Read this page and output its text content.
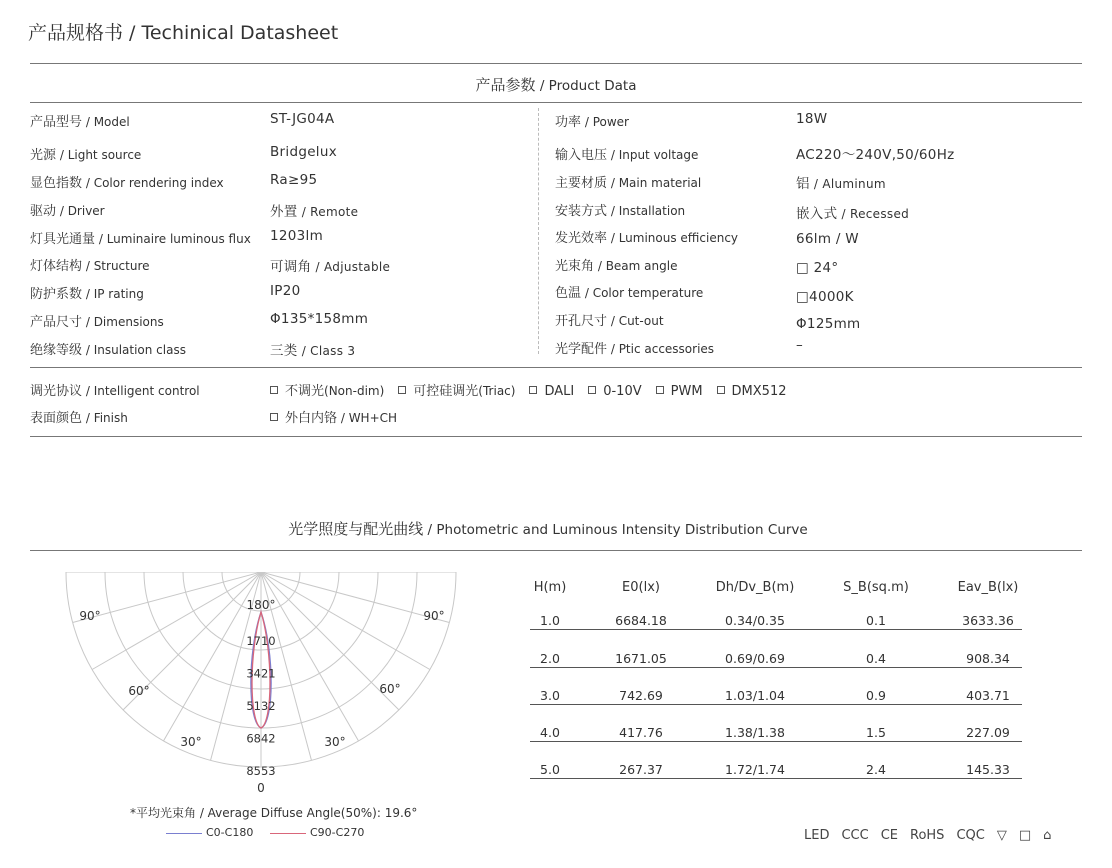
产品规格书 / Techinical Datasheet
产品参数 / Product Data
产品型号 / Model	ST-JG04A
光源 / Light source	Bridgelux
显色指数 / Color rendering index	Ra≥95
驱动 / Driver	外置 / Remote
灯具光通量 / Luminaire luminous flux 1203lm
灯体结构 / Structure	可调角 / Adjustable
防护系数 / IP rating	IP20
产品尺寸 / Dimensions	Φ135*158mm
绝缘等级 / Insulation class	三类 / Class 3
功率 / Power	18W
输入电压 / Input voltage	AC220～240V,50/60Hz
主要材质 / Main material	铝 / Aluminum
安装方式 / Installation	嵌入式 / Recessed
发光效率 / Luminous efficiency	66lm / W
光束角 / Beam angle	□ 24°
色温 / Color temperature	□4000K
开孔尺寸 / Cut-out	Φ125mm
光学配件 / Ptic accessories	–
调光协议 / Intelligent control	不调光(Non-dim) 可控硅调光(Triac) DALI 0-10V PWM DMX512
表面颜色 / Finish	外白内铬 / WH+CH
光学照度与配光曲线 / Photometric and Luminous Intensity Distribution Curve
180°
90°	90°
60°	60°
30°	30°
0
1710
3421
5132
6842
8553
*平均光束角 / Average Diffuse Angle(50%): 19.6°
C0-C180	C90-C270
H(m)	E0(lx)	Dh/Dv_B(m)	S_B(sq.m)	Eav_B(lx)
1.0	6684.18	0.34/0.35	0.1	3633.36
2.0	1671.05	0.69/0.69	0.4	908.34
3.0	742.69	1.03/1.04	0.9	403.71
4.0	417.76	1.38/1.38	1.5	227.09
5.0	267.37	1.72/1.74	2.4	145.33
LED CCC CE RoHS CQC ▽ □ ⌂
